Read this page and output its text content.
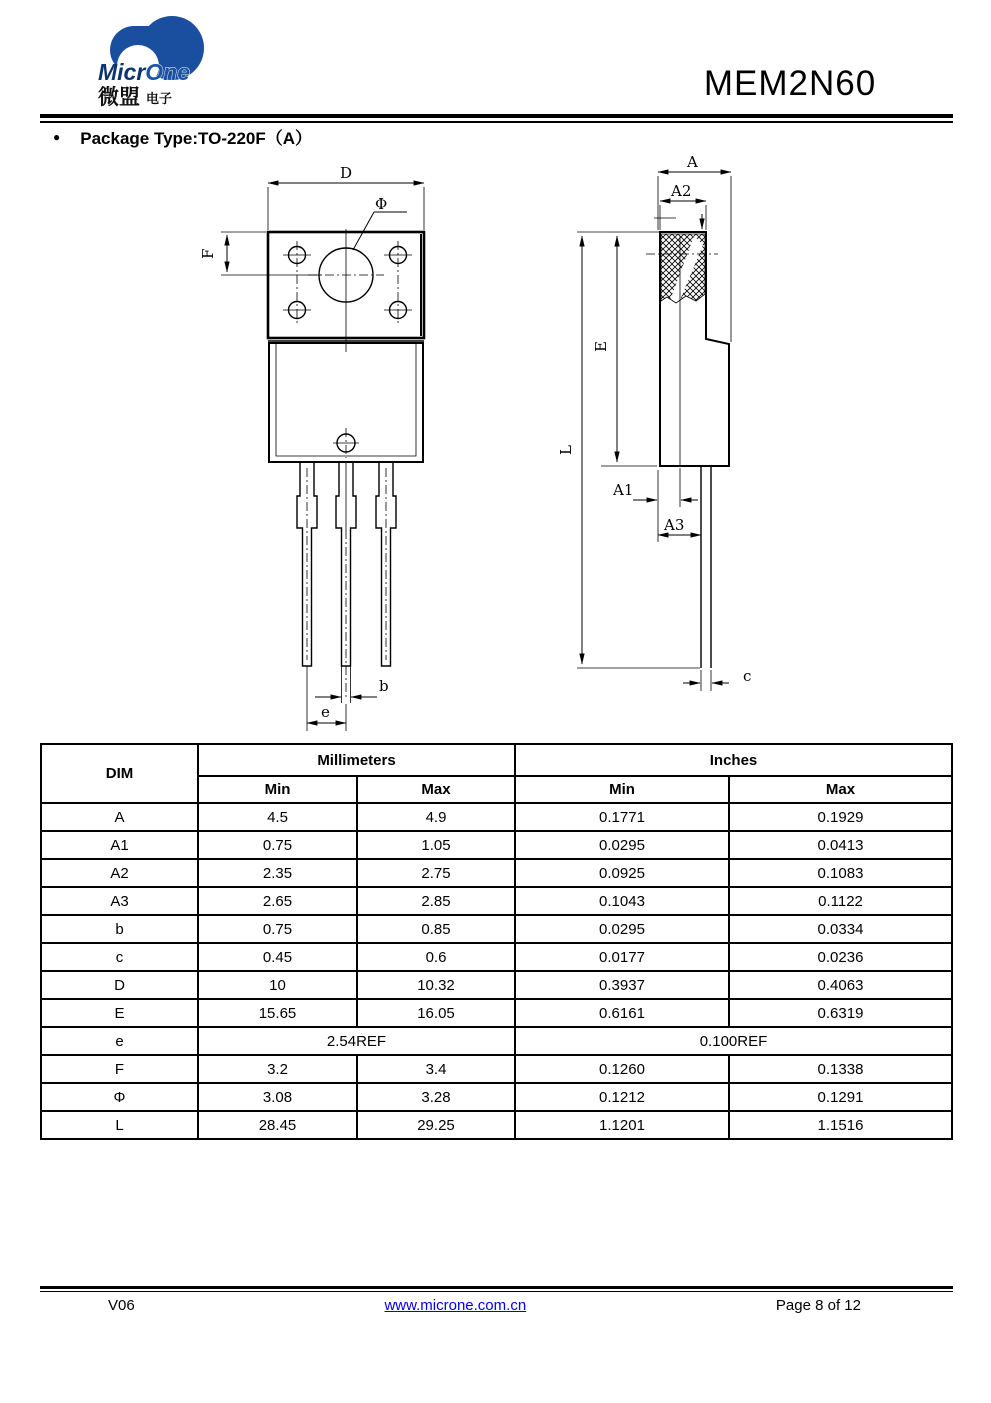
MicrOne
微盟 电子	MEM2N60
● Package Type:TO-220F（A）
D
F
Φ
b
e
A
A2
E
L
A1
A3
c
DIM	Millimeters		Inches	
	Min	Max	Min	Max
A	4.5	4.9	0.1771	0.1929
A1	0.75	1.05	0.0295	0.0413
A2	2.35	2.75	0.0925	0.1083
A3	2.65	2.85	0.1043	0.1122
b	0.75	0.85	0.0295	0.0334
c	0.45	0.6	0.0177	0.0236
D	10	10.32	0.3937	0.4063
E	15.65	16.05	0.6161	0.6319
e	2.54REF		0.100REF	
F	3.2	3.4	0.1260	0.1338
Φ	3.08	3.28	0.1212	0.1291
L	28.45	29.25	1.1201	1.1516
V06	www.microne.com.cn	Page 8 of 12
